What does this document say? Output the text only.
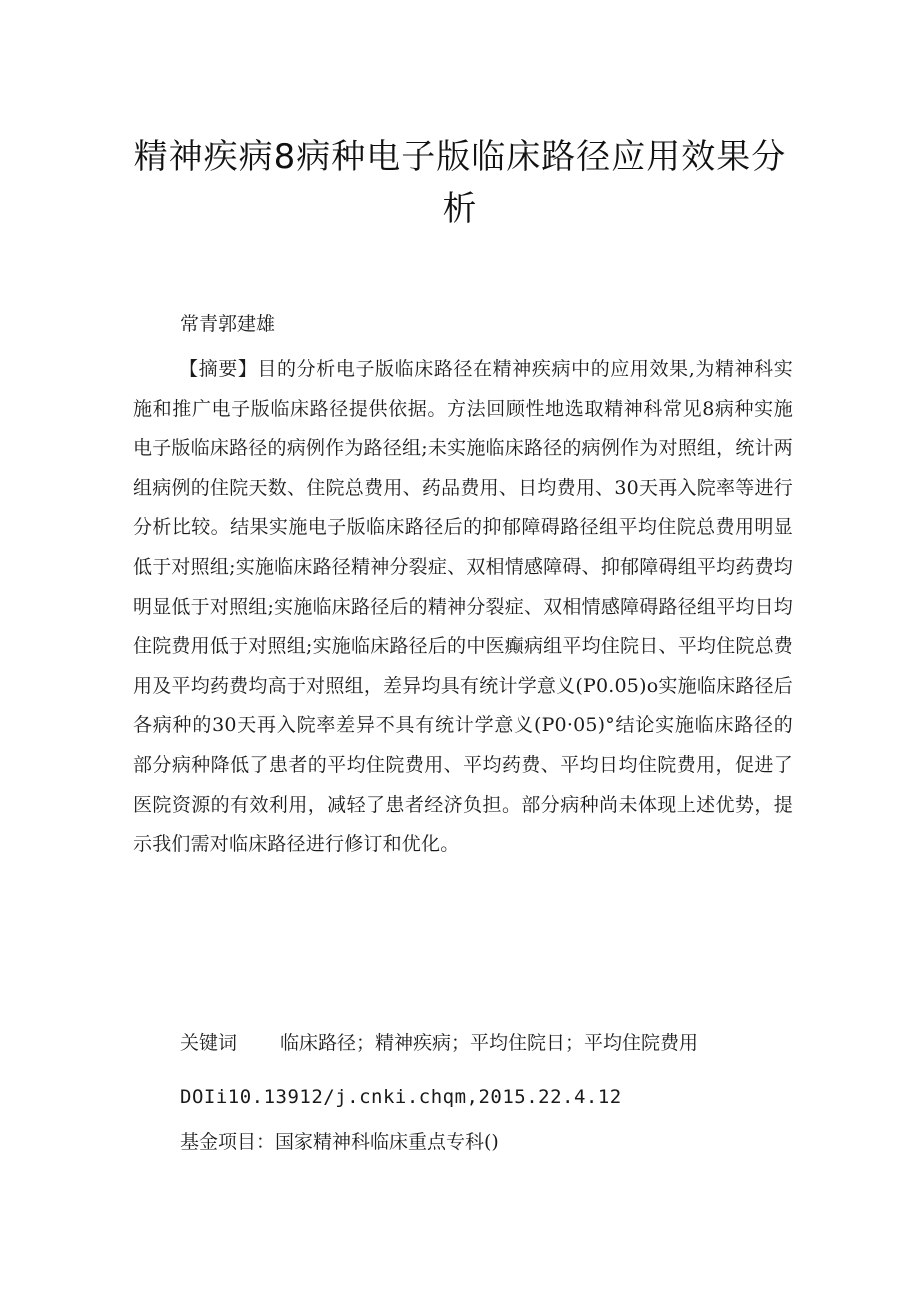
精神疾病8病种电子版临床路径应用效果分析
常青郭建雄

【摘要】目的分析电子版临床路径在精神疾病中的应用效果,为精神科实施和推广电子版临床路径提供依据。方法回顾性地选取精神科常见8病种实施电子版临床路径的病例作为路径组;未实施临床路径的病例作为对照组，统计两组病例的住院天数、住院总费用、药品费用、日均费用、30天再入院率等进行分析比较。结果实施电子版临床路径后的抑郁障碍路径组平均住院总费用明显低于对照组;实施临床路径精神分裂症、双相情感障碍、抑郁障碍组平均药费均明显低于对照组;实施临床路径后的精神分裂症、双相情感障碍路径组平均日均住院费用低于对照组;实施临床路径后的中医癫病组平均住院日、平均住院总费用及平均药费均高于对照组，差异均具有统计学意义(P0.05)o实施临床路径后各病种的30天再入院率差异不具有统计学意义(P0·05)°结论实施临床路径的部分病种降低了患者的平均住院费用、平均药费、平均日均住院费用，促进了医院资源的有效利用，减轻了患者经济负担。部分病种尚未体现上述优势，提示我们需对临床路径进行修订和优化。

关键词 临床路径；精神疾病；平均住院日；平均住院费用
DOIi10.13912/j.cnki.chqm,2015.22.4.12
基金项目：国家精神科临床重点专科()
